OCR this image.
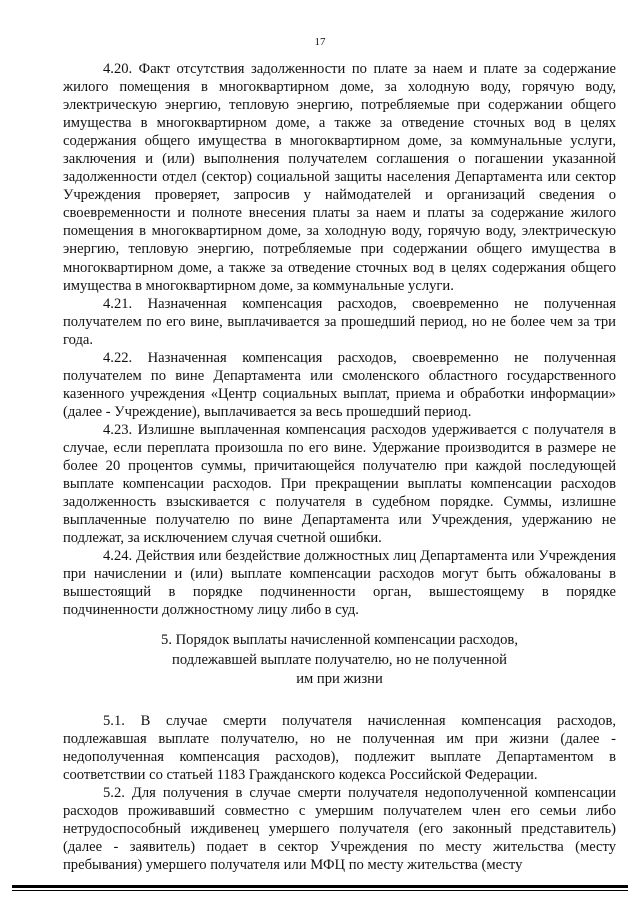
17

4.20. Факт отсутствия задолженности по плате за наем и плате за содержание жилого помещения в многоквартирном доме, за холодную воду, горячую воду, электрическую энергию, тепловую энергию, потребляемые при содержании общего имущества в многоквартирном доме, а также за отведение сточных вод в целях содержания общего имущества в многоквартирном доме, за коммунальные услуги, заключения и (или) выполнения получателем соглашения о погашении указанной задолженности отдел (сектор) социальной защиты населения Департамента или сектор Учреждения проверяет, запросив у наймодателей и организаций сведения о своевременности и полноте внесения платы за наем и платы за содержание жилого помещения в многоквартирном доме, за холодную воду, горячую воду, электрическую энергию, тепловую энергию, потребляемые при содержании общего имущества в многоквартирном доме, а также за отведение сточных вод в целях содержания общего имущества в многоквартирном доме, за коммунальные услуги.

4.21. Назначенная компенсация расходов, своевременно не полученная получателем по его вине, выплачивается за прошедший период, но не более чем за три года.

4.22. Назначенная компенсация расходов, своевременно не полученная получателем по вине Департамента или смоленского областного государственного казенного учреждения «Центр социальных выплат, приема и обработки информации» (далее - Учреждение), выплачивается за весь прошедший период.

4.23. Излишне выплаченная компенсация расходов удерживается с получателя в случае, если переплата произошла по его вине. Удержание производится в размере не более 20 процентов суммы, причитающейся получателю при каждой последующей выплате компенсации расходов. При прекращении выплаты компенсации расходов задолженность взыскивается с получателя в судебном порядке. Суммы, излишне выплаченные получателю по вине Департамента или Учреждения, удержанию не подлежат, за исключением случая счетной ошибки.

4.24. Действия или бездействие должностных лиц Департамента или Учреждения при начислении и (или) выплате компенсации расходов могут быть обжалованы в вышестоящий в порядке подчиненности орган, вышестоящему в порядке подчиненности должностному лицу либо в суд.

5. Порядок выплаты начисленной компенсации расходов,
подлежавшей выплате получателю, но не полученной
им при жизни

5.1. В случае смерти получателя начисленная компенсация расходов, подлежавшая выплате получателю, но не полученная им при жизни (далее - недополученная компенсация расходов), подлежит выплате Департаментом в соответствии со статьей 1183 Гражданского кодекса Российской Федерации.

5.2. Для получения в случае смерти получателя недополученной компенсации расходов проживавший совместно с умершим получателем член его семьи либо нетрудоспособный иждивенец умершего получателя (его законный представитель) (далее - заявитель) подает в сектор Учреждения по месту жительства (месту пребывания) умершего получателя или МФЦ по месту жительства (месту
